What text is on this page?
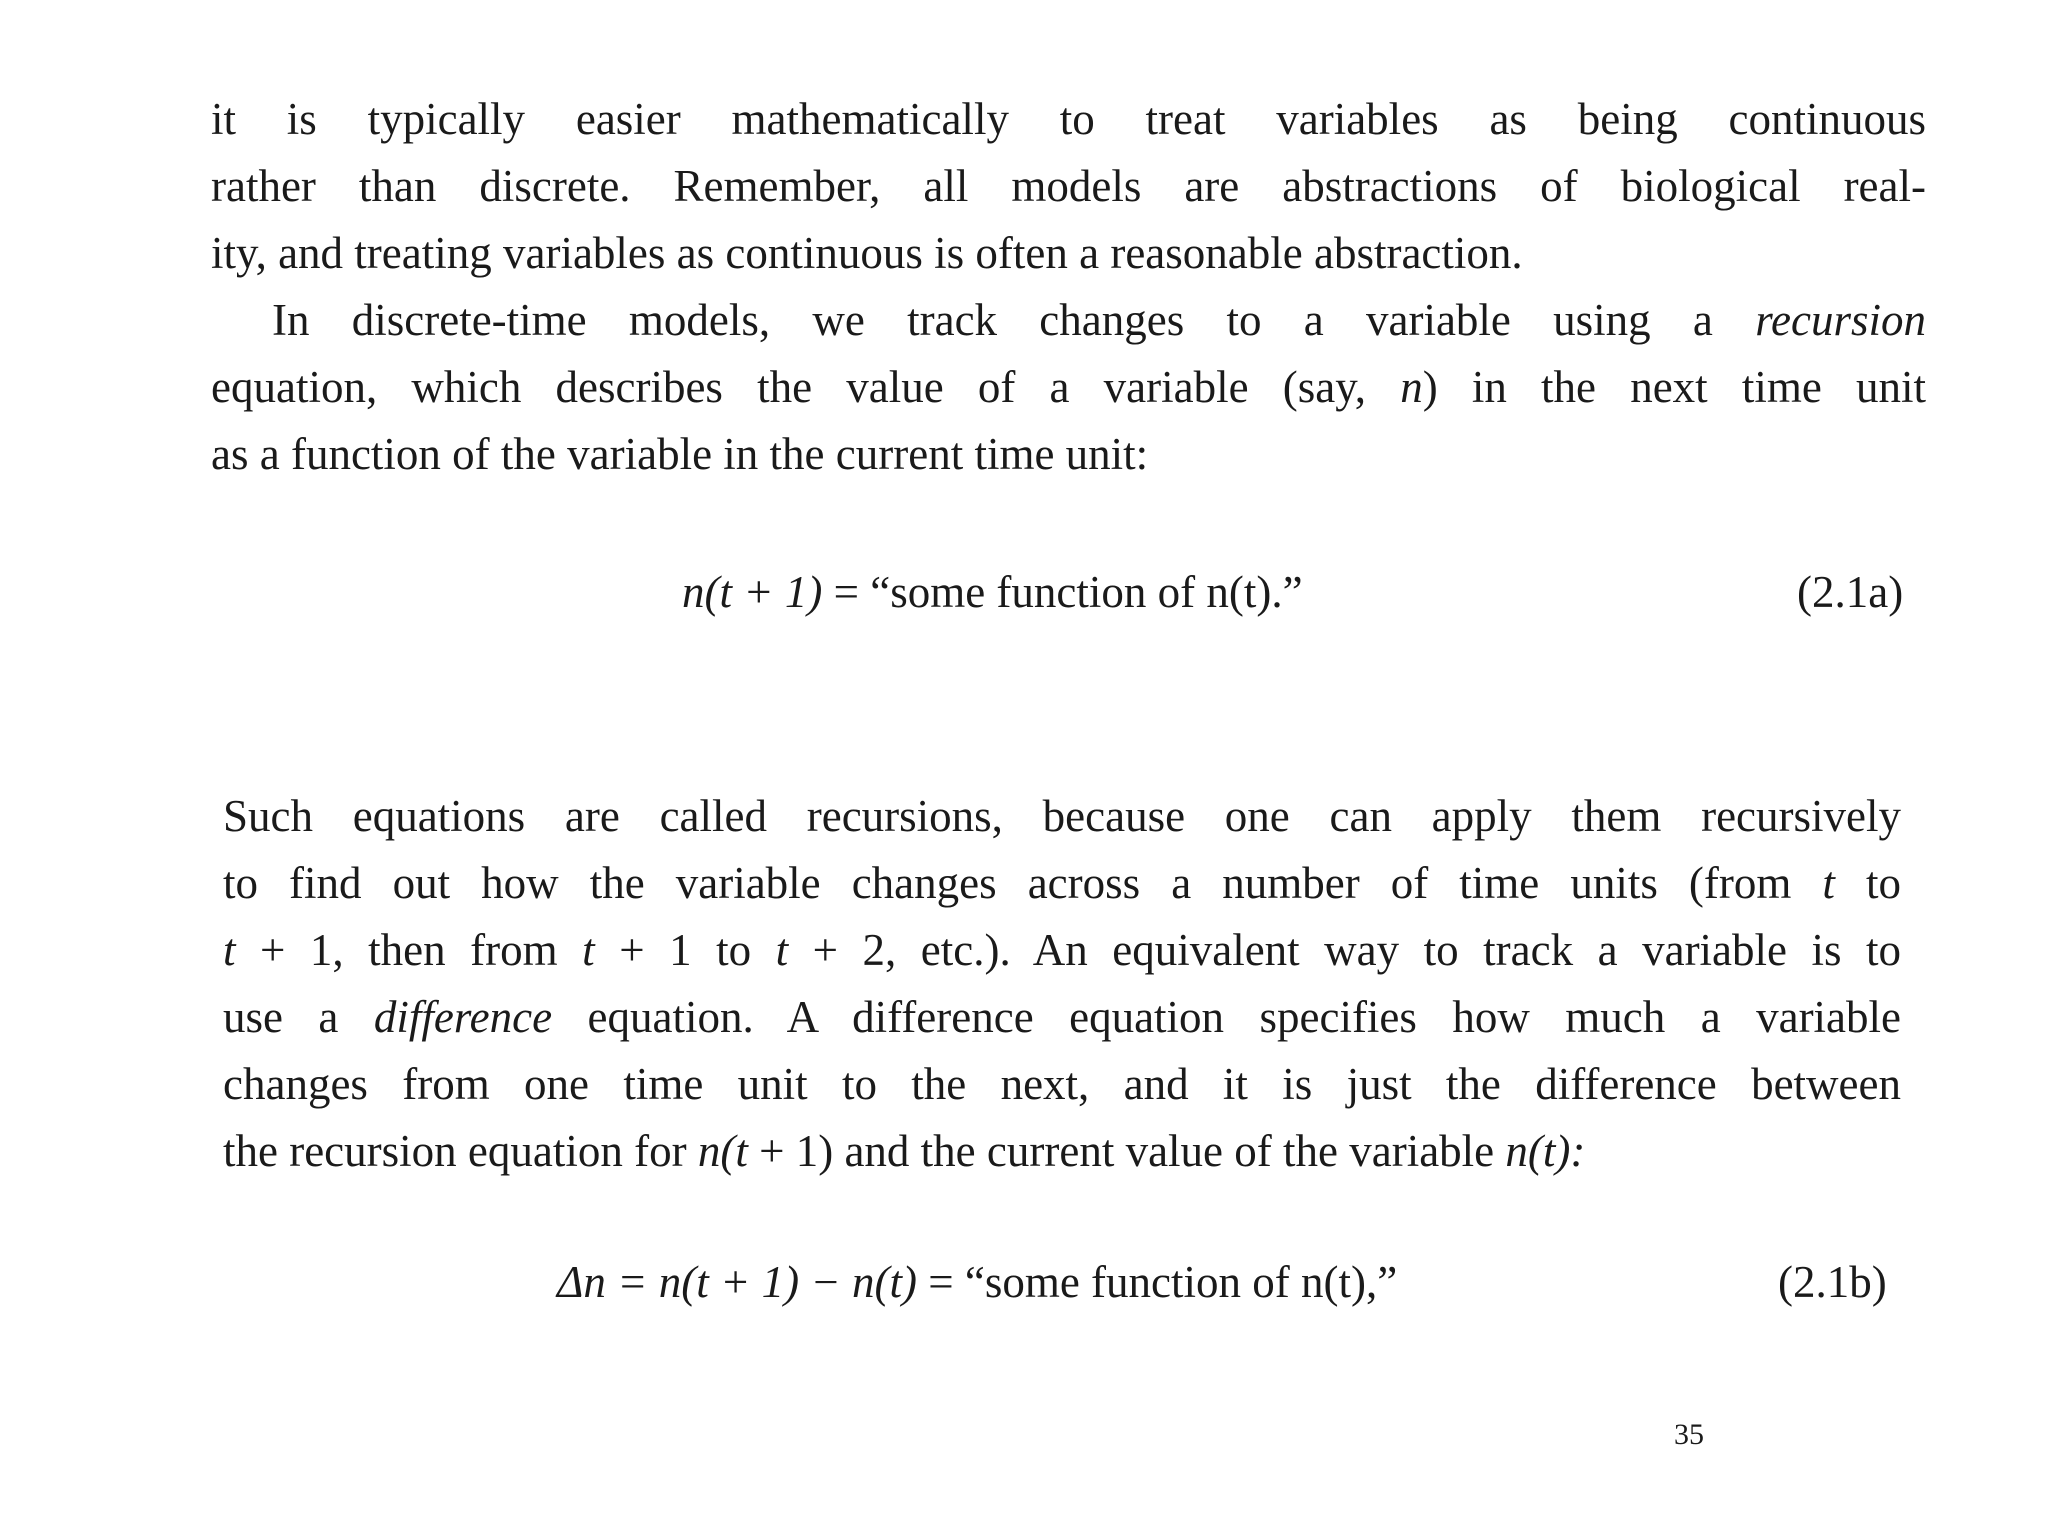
it is typically easier mathematically to treat variables as being continuous
rather than discrete. Remember, all models are abstractions of biological real-
ity, and treating variables as continuous is often a reasonable abstraction.
In discrete-time models, we track changes to a variable using a recursion
equation, which describes the value of a variable (say, n) in the next time unit
as a function of the variable in the current time unit:
n(t + 1) = “some function of n(t).”	(2.1a)
Such equations are called recursions, because one can apply them recursively
to find out how the variable changes across a number of time units (from t to
t + 1, then from t + 1 to t + 2, etc.). An equivalent way to track a variable is to
use a difference equation. A difference equation specifies how much a variable
changes from one time unit to the next, and it is just the difference between
the recursion equation for n(t + 1) and the current value of the variable n(t):
Δn = n(t + 1) − n(t) = “some function of n(t),”	(2.1b)
35
